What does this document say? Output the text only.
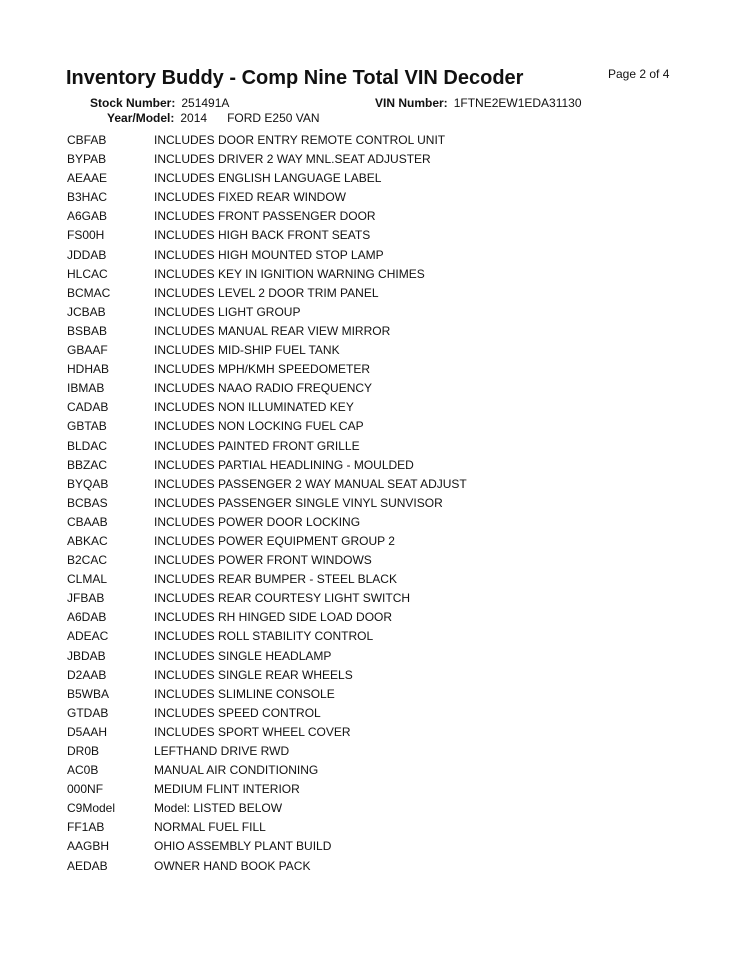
Inventory Buddy - Comp Nine Total VIN Decoder	Page 2 of 4
Stock Number: 251491A	VIN Number: 1FTNE2EW1EDA31130
Year/Model: 2014 FORD E250 VAN
CBFAB	INCLUDES DOOR ENTRY REMOTE CONTROL UNIT
BYPAB	INCLUDES DRIVER 2 WAY MNL.SEAT ADJUSTER
AEAAE	INCLUDES ENGLISH LANGUAGE LABEL
B3HAC	INCLUDES FIXED REAR WINDOW
A6GAB	INCLUDES FRONT PASSENGER DOOR
FS00H	INCLUDES HIGH BACK FRONT SEATS
JDDAB	INCLUDES HIGH MOUNTED STOP LAMP
HLCAC	INCLUDES KEY IN IGNITION WARNING CHIMES
BCMAC	INCLUDES LEVEL 2 DOOR TRIM PANEL
JCBAB	INCLUDES LIGHT GROUP
BSBAB	INCLUDES MANUAL REAR VIEW MIRROR
GBAAF	INCLUDES MID-SHIP FUEL TANK
HDHAB	INCLUDES MPH/KMH SPEEDOMETER
IBMAB	INCLUDES NAAO RADIO FREQUENCY
CADAB	INCLUDES NON ILLUMINATED KEY
GBTAB	INCLUDES NON LOCKING FUEL CAP
BLDAC	INCLUDES PAINTED FRONT GRILLE
BBZAC	INCLUDES PARTIAL HEADLINING - MOULDED
BYQAB	INCLUDES PASSENGER 2 WAY MANUAL SEAT ADJUST
BCBAS	INCLUDES PASSENGER SINGLE VINYL SUNVISOR
CBAAB	INCLUDES POWER DOOR LOCKING
ABKAC	INCLUDES POWER EQUIPMENT GROUP 2
B2CAC	INCLUDES POWER FRONT WINDOWS
CLMAL	INCLUDES REAR BUMPER - STEEL BLACK
JFBAB	INCLUDES REAR COURTESY LIGHT SWITCH
A6DAB	INCLUDES RH HINGED SIDE LOAD DOOR
ADEAC	INCLUDES ROLL STABILITY CONTROL
JBDAB	INCLUDES SINGLE HEADLAMP
D2AAB	INCLUDES SINGLE REAR WHEELS
B5WBA	INCLUDES SLIMLINE CONSOLE
GTDAB	INCLUDES SPEED CONTROL
D5AAH	INCLUDES SPORT WHEEL COVER
DR0B	LEFTHAND DRIVE RWD
AC0B	MANUAL AIR CONDITIONING
000NF	MEDIUM FLINT INTERIOR
C9Model	Model: LISTED BELOW
FF1AB	NORMAL FUEL FILL
AAGBH	OHIO ASSEMBLY PLANT BUILD
AEDAB	OWNER HAND BOOK PACK
